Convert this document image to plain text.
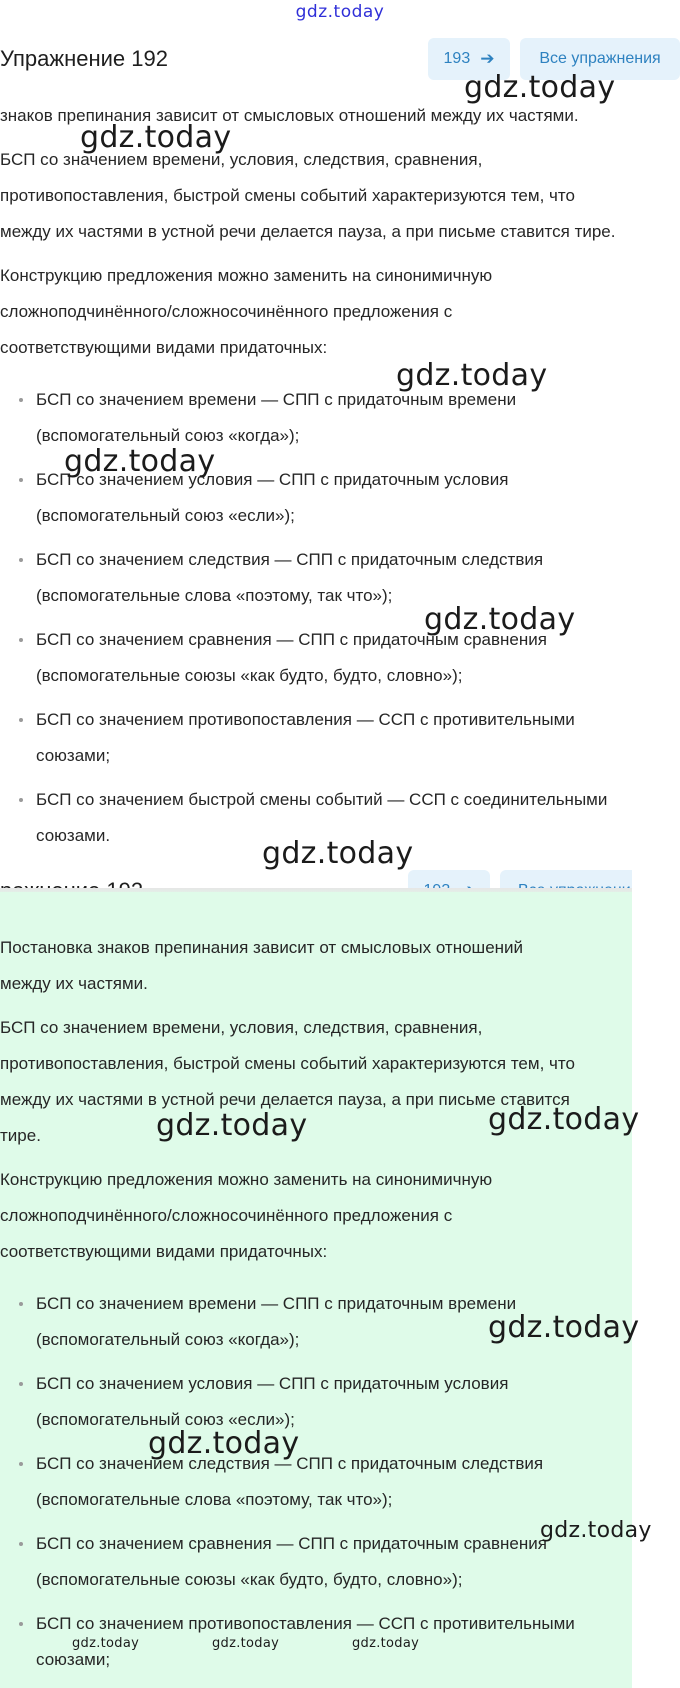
gdz.today
Упражнение 192	193 ➔	Все упражнения
знаков препинания зависит от смысловых отношений между их частями.
БСП со значением времени, условия, следствия, сравнения,
противопоставления, быстрой смены событий характеризуются тем, что
между их частями в устной речи делается пауза, а при письме ставится тире.
Конструкцию предложения можно заменить на синонимичную
сложноподчинённого/сложносочинённого предложения с
соответствующими видами придаточных:
БСП со значением времени — СПП с придаточным времени
(вспомогательный союз «когда»);
БСП со значением условия — СПП с придаточным условия
(вспомогательный союз «если»);
БСП со значением следствия — СПП с придаточным следствия
(вспомогательные слова «поэтому, так что»);
БСП со значением сравнения — СПП с придаточным сравнения
(вспомогательные союзы «как будто, будто, словно»);
БСП со значением противопоставления — ССП с противительными
союзами;
БСП со значением быстрой смены событий — ССП с соединительными
союзами.
Постановка знаков препинания зависит от смысловых отношений
между их частями.
БСП со значением времени, условия, следствия, сравнения,
противопоставления, быстрой смены событий характеризуются тем, что
между их частями в устной речи делается пауза, а при письме ставится
тире.
Конструкцию предложения можно заменить на синонимичную
сложноподчинённого/сложносочинённого предложения с
соответствующими видами придаточных:
БСП со значением времени — СПП с придаточным времени
(вспомогательный союз «когда»);
БСП со значением условия — СПП с придаточным условия
(вспомогательный союз «если»);
БСП со значением следствия — СПП с придаточным следствия
(вспомогательные слова «поэтому, так что»);
БСП со значением сравнения — СПП с придаточным сравнения
(вспомогательные союзы «как будто, будто, словно»);
БСП со значением противопоставления — ССП с противительными
союзами;
gdz.today
gdz.today
gdz.today
gdz.today
gdz.today
gdz.today
gdz.today	gdz.today
gdz.today
gdz.today
gdz.today
gdz.today	gdz.today	gdz.today
